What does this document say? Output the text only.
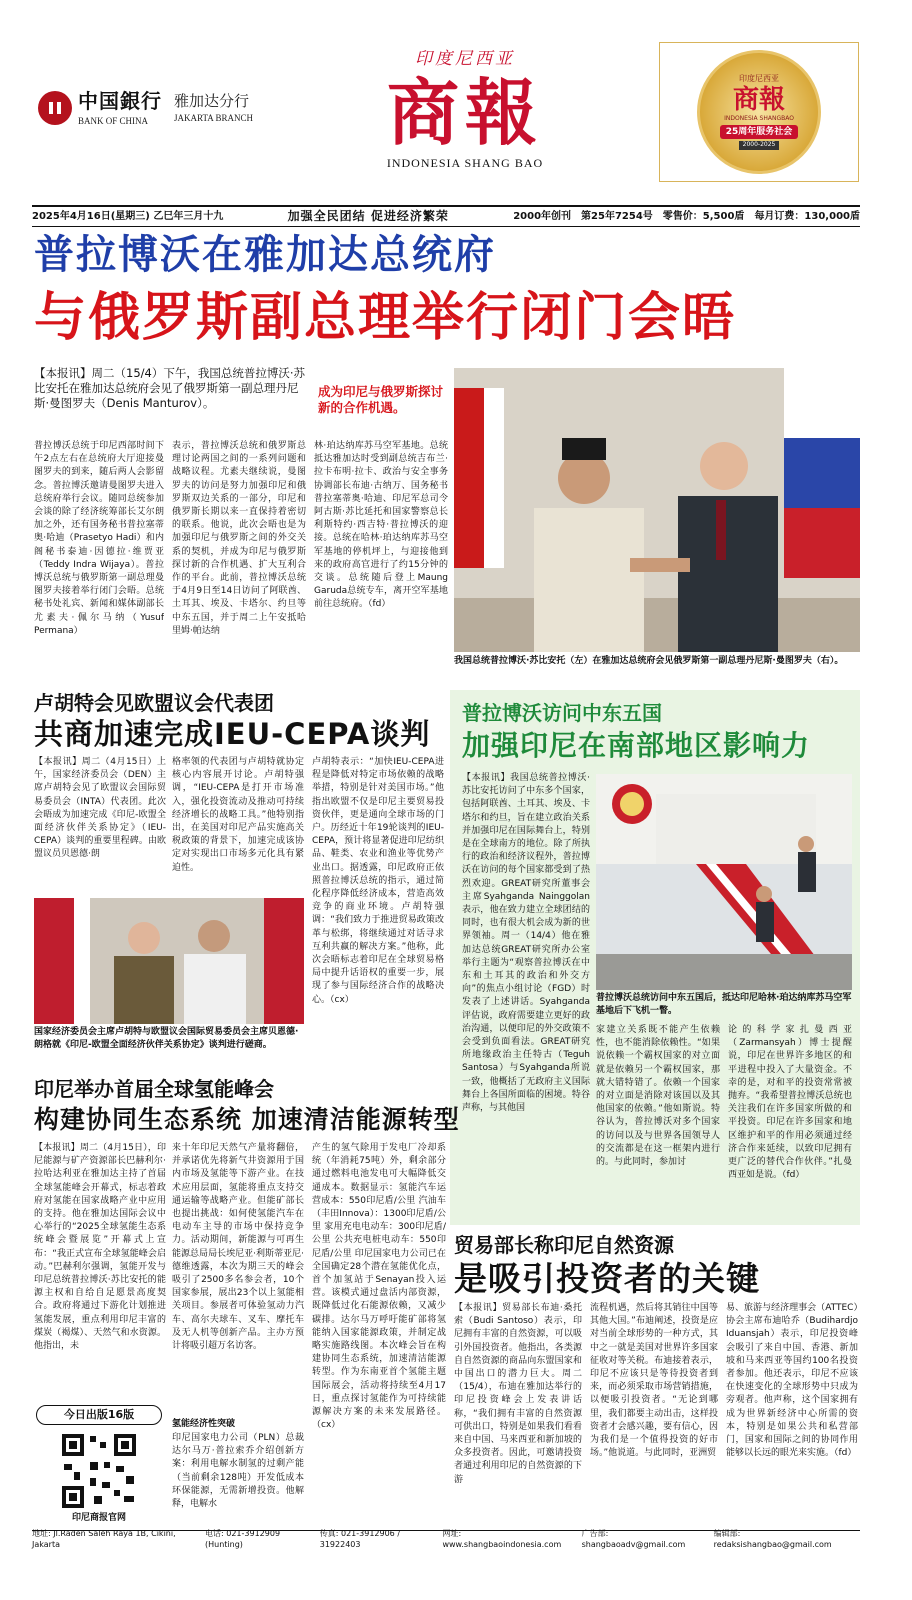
中国銀行
BANK OF CHINA
雅加达分行
JAKARTA BRANCH
印度尼西亚
商報
INDONESIA SHANG BAO
印度尼西亚
商報
INDONESIA SHANGBAO
25周年服务社会
2000-2025
2025年4月16日(星期三) 乙巳年三月十九	加强全民团结 促进经济繁荣	2000年创刊 第25年7254号 零售价：5,500盾 每月订费：130,000盾
普拉博沃在雅加达总统府
与俄罗斯副总理举行闭门会晤
【本报讯】周二（15/4）下午，我国总统普拉博沃·苏比安托在雅加达总统府会见了俄罗斯第一副总理丹尼斯·曼图罗夫（Denis Manturov）。
成为印尼与俄罗斯探讨新的合作机遇。
普拉博沃总统于印尼西部时间下午2点左右在总统府大厅迎接曼图罗夫的到来，随后两人会影留念。普拉博沃邀请曼图罗夫进入总统府举行会议。随同总统参加会谈的除了经济统筹部长艾尔朗加之外，还有国务秘书普拉塞蒂奥·哈迪（Prasetyo Hadi）和内阁秘书泰迪·因德拉·维贾亚（Teddy Indra Wijaya）。普拉博沃总统与俄罗斯第一副总理曼图罗夫接着举行闭门会晤。总统秘书处礼宾、新闻和媒体副部长尤素夫·佩尔马纳（Yusuf Permana）
表示，普拉博沃总统和俄罗斯总理讨论两国之间的一系列问题和战略议程。尤素夫继续说，曼图罗夫的访问是努力加强印尼和俄罗斯双边关系的一部分，印尼和俄罗斯长期以来一直保持着密切的联系。他说，此次会晤也是为加强印尼与俄罗斯之间的外交关系的契机，并成为印尼与俄罗斯探讨新的合作机遇、扩大互利合作的平台。此前，普拉博沃总统于4月9日至14日访问了阿联酋、土耳其、埃及、卡塔尔、约旦等中东五国，并于周二上午安抵哈里姆·帕达纳
林·珀达纳库苏马空军基地。总统抵达雅加达时受到副总统吉布兰·拉卡布明·拉卡、政治与安全事务协调部长布迪·古纳万、国务秘书普拉塞蒂奥·哈迪、印尼军总司令阿古斯·苏比延托和国家警察总长利斯特约·西吉特·普拉博沃的迎接。总统在哈林·珀达纳库苏马空军基地的停机坪上，与迎接他到来的政府高官进行了约15分钟的交谈。总统随后登上Maung Garuda总统专车，离开空军基地前往总统府。（fd）
我国总统普拉博沃·苏比安托（左）在雅加达总统府会见俄罗斯第一副总理丹尼斯·曼图罗夫（右）。
卢胡特会见欧盟议会代表团
共商加速完成IEU-CEPA谈判
【本报讯】周二（4月15日）上午，国家经济委员会（DEN）主席卢胡特会见了欧盟议会国际贸易委员会（INTA）代表团。此次会晤成为加速完成《印尼-欧盟全面经济伙伴关系协定》（IEU-CEPA）谈判的重要里程碑。由欧盟议员贝恩德·朗
格率领的代表团与卢胡特就协定核心内容展开讨论。卢胡特强调，“IEU-CEPA是打开市场准入，强化投资流动及推动可持续经济增长的战略工具。”他特别指出，在美国对印尼产品实施高关税政策的背景下，加速完成该协定对实现出口市场多元化具有紧迫性。
卢胡特表示：“加快IEU-CEPA进程是降低对特定市场依赖的战略举措，特别是针对美国市场。”他指出欧盟不仅是印尼主要贸易投资伙伴，更是通向全球市场的门户。历经近十年19轮谈判的IEU-CEPA，预计将显著促进印尼纺织品、鞋类、农业和渔业等优势产业出口。据透露，印尼政府正依照普拉博沃总统的指示，通过简化程序降低经济成本，营造高效竞争的商业环境。卢胡特强调：“我们致力于推进贸易政策改革与松绑，将继续通过对话寻求互利共赢的解决方案。”他称，此次会晤标志着印尼在全球贸易格局中提升话语权的重要一步，展现了参与国际经济合作的战略决心。（cx）
国家经济委员会主席卢胡特与欧盟议会国际贸易委员会主席贝恩德·朗格就《印尼-欧盟全面经济伙伴关系协定》谈判进行磋商。
普拉博沃访问中东五国
加强印尼在南部地区影响力
【本报讯】我国总统普拉博沃·苏比安托访问了中东多个国家，包括阿联酋、土耳其、埃及、卡塔尔和约旦，旨在建立政治关系并加强印尼在国际舞台上，特别是在全球南方的地位。除了所执行的政治和经济议程外，普拉博沃在访问的每个国家都受到了热烈欢迎。GREAT研究所董事会主席Syahganda Nainggolan表示，他在致力建立全球团结的同时，也有很大机会成为新的世界领袖。周一（14/4）他在雅加达总统GREAT研究所办公室举行主题为“观察普拉博沃在中东和土耳其的政治和外交方向”的焦点小组讨论（FGD）时发表了上述讲话。Syahganda评估说，政府需要建立更好的政治沟通，以便印尼的外交政策不会受到负面看法。GREAT研究所地缘政治主任特古（Teguh Santosa）与Syahganda所说一致，他概括了无政府主义国际舞台上各国所面临的困境。特谷声称，与其他国
普拉博沃总统访问中东五国后，抵达印尼哈林·珀达纳库苏马空军基地后下飞机一瞥。
家建立关系既不能产生依赖性，也不能消除依赖性。“如果说依赖一个霸权国家的对立面就是依赖另一个霸权国家，那就大错特错了。依赖一个国家的对立面是消除对该国以及其他国家的依赖。”他如斯说。特谷认为，普拉博沃对多个国家的访问以及与世界各国领导人的交流都是在这一框架内进行的。与此同时，参加讨
论的科学家扎曼西亚（Zarmansyah）博士提醒说，印尼在世界许多地区的和平进程中投入了大量资金。不幸的是，对和平的投资常常被抛弃。“我希望普拉博沃总统也关注我们在许多国家所做的和平投资。印尼在许多国家和地区维护和平的作用必须通过经济合作来延续，以致印尼拥有更广泛的替代合作伙伴。”扎曼西亚如是说。（fd）
印尼举办首届全球氢能峰会
构建协同生态系统 加速清洁能源转型
【本报讯】周二（4月15日），印尼能源与矿产资源部长巴赫利尔·拉哈达利亚在雅加达主持了首届全球氢能峰会开幕式，标志着政府对氢能在国家战略产业中应用的支持。他在雅加达国际会议中心举行的“2025全球氢能生态系统峰会暨展览”开幕式上宣布：“我正式宣布全球氢能峰会启动。”巴赫利尔强调，氢能开发与印尼总统普拉博沃·苏比安托的能源主权和自给自足愿景高度契合。政府将通过下游化计划推进氢能发展，重点利用印尼丰富的煤炭（褐煤）、天然气和水资源。他指出，未
来十年印尼天然气产量将翻倍，并承诺优先将新气井资源用于国内市场及氢能等下游产业。在技术应用层面，氢能将重点支持交通运输等战略产业。但能矿部长也提出挑战：如何使氢能汽车在电动车主导的市场中保持竞争力。活动期间，新能源与可再生能源总局局长埃尼亚·利斯蒂亚尼·德维透露，本次为期三天的峰会吸引了2500多名参会者，10个国家参展，展出23个以上氢能相关项目。参展者可体验氢动力汽车、高尔夫球车、叉车、摩托车及无人机等创新产品。主办方预计将吸引超万名访客。
氢能经济性突破
印尼国家电力公司（PLN）总裁达尔马万·普拉索乔介绍创新方案：利用电解水制氢的过剩产能（当前剩余128吨）开发低成本环保能源，无需新增投资。他解释，电解水
产生的氢气除用于发电厂冷却系统（年消耗75吨）外，剩余部分通过燃料电池发电可大幅降低交通成本。数据显示：氢能汽车运营成本：550印尼盾/公里 汽油车（丰田Innova）：1300印尼盾/公里 家用充电电动车：300印尼盾/公里 公共充电桩电动车：550印尼盾/公里 印尼国家电力公司已在全国确定28个潜在氢能优化点，首个加氢站于Senayan投入运营。该模式通过盘活内部资源，既降低过化石能源依赖，又减少碳排。达尔马万呼吁能矿部将氢能纳入国家能源政策，并制定战略实施路线图。本次峰会旨在构建协同生态系统，加速清洁能源转型。作为东南亚首个氢能主题国际展会，活动将持续至4月17日，重点探讨氢能作为可持续能源解决方案的未来发展路径。（cx）
今日出版16版
印尼商报官网
贸易部长称印尼自然资源
是吸引投资者的关键
【本报讯】贸易部长布迪·桑托索（Budi Santoso）表示，印尼拥有丰富的自然资源，可以吸引外国投资者。他指出，各类源自自然资源的商品向东盟国家和中国出口的潜力巨大。周二（15/4），布迪在雅加达举行的印尼投资峰会上发表讲话称，“我们拥有丰富的自然资源可供出口，特别是如果我们看看来自中国、马来西亚和新加坡的众多投资者。因此，可邀请投资者通过利用印尼的自然资源的下游
流程机遇，然后将其销往中国等其他大国。”布迪阐述，投资是应对当前全球形势的一种方式，其中之一就是美国对世界许多国家征收对等关税。布迪接着表示，印尼不应该只是等待投资者到来，而必须采取市场营销措施，以便吸引投资者。“无论到哪里，我们都要主动出击，这样投资者才会感兴趣，要有信心，因为我们是一个值得投资的好市场。”他说道。与此同时，亚洲贸
易、旅游与经济理事会（ATTEC）协会主席布迪哈乔（Budihardjo Iduansjah）表示，印尼投资峰会吸引了来自中国、香港、新加坡和马来西亚等国约100名投资者参加。他还表示，印尼不应该在快速变化的全球形势中只成为旁观者。他声称，这个国家拥有成为世界新经济中心所需的资本，特别是如果公共和私营部门，国家和国际之间的协同作用能够以长远的眼光来实施。（fd）
地址: Jl.Raden Saleh Raya 1B, Cikini, Jakarta
电话: 021-3912909 (Hunting)
传真: 021-3912906 / 31922403
网址: www.shangbaoindonesia.com
广告部: shangbaoadv@gmail.com
编辑部: redaksishangbao@gmail.com
